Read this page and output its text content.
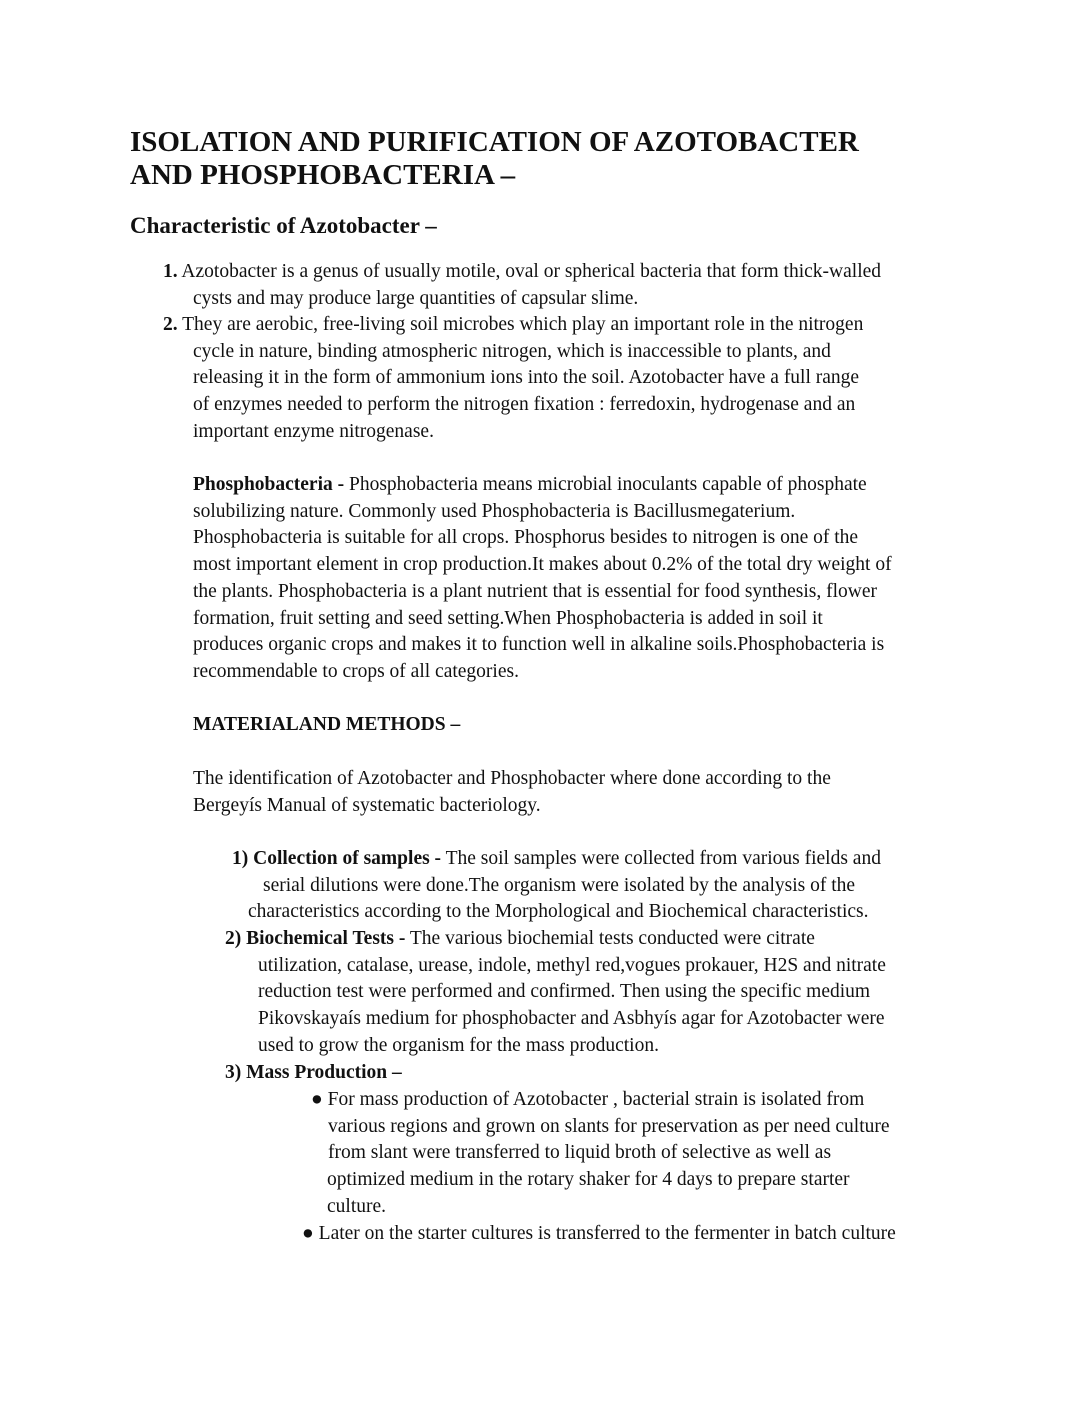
ISOLATION AND PURIFICATION OF AZOTOBACTER
AND PHOSPHOBACTERIA –
Characteristic of Azotobacter –
1. Azotobacter is a genus of usually motile, oval or spherical bacteria that form thick-walled
cysts and may produce large quantities of capsular slime.
2. They are aerobic, free-living soil microbes which play an important role in the nitrogen
cycle in nature, binding atmospheric nitrogen, which is inaccessible to plants, and
releasing it in the form of ammonium ions into the soil. Azotobacter have a full range
of enzymes needed to perform the nitrogen fixation : ferredoxin, hydrogenase and an
important enzyme nitrogenase.
Phosphobacteria - Phosphobacteria means microbial inoculants capable of phosphate
solubilizing nature. Commonly used Phosphobacteria is Bacillusmegaterium.
Phosphobacteria is suitable for all crops. Phosphorus besides to nitrogen is one of the
most important element in crop production.It makes about 0.2% of the total dry weight of
the plants. Phosphobacteria is a plant nutrient that is essential for food synthesis, flower
formation, fruit setting and seed setting.When Phosphobacteria is added in soil it
produces organic crops and makes it to function well in alkaline soils.Phosphobacteria is
recommendable to crops of all categories.
MATERIALAND METHODS –
The identification of Azotobacter and Phosphobacter where done according to the
Bergeyís Manual of systematic bacteriology.
1) Collection of samples - The soil samples were collected from various fields and
serial dilutions were done.The organism were isolated by the analysis of the
characteristics according to the Morphological and Biochemical characteristics.
2) Biochemical Tests - The various biochemial tests conducted were citrate
utilization, catalase, urease, indole, methyl red,vogues prokauer, H2S and nitrate
reduction test were performed and confirmed. Then using the specific medium
Pikovskayaís medium for phosphobacter and Asbhyís agar for Azotobacter were
used to grow the organism for the mass production.
3) Mass Production –
● For mass production of Azotobacter , bacterial strain is isolated from
various regions and grown on slants for preservation as per need culture
from slant were transferred to liquid broth of selective as well as
optimized medium in the rotary shaker for 4 days to prepare starter
culture.
● Later on the starter cultures is transferred to the fermenter in batch culture
